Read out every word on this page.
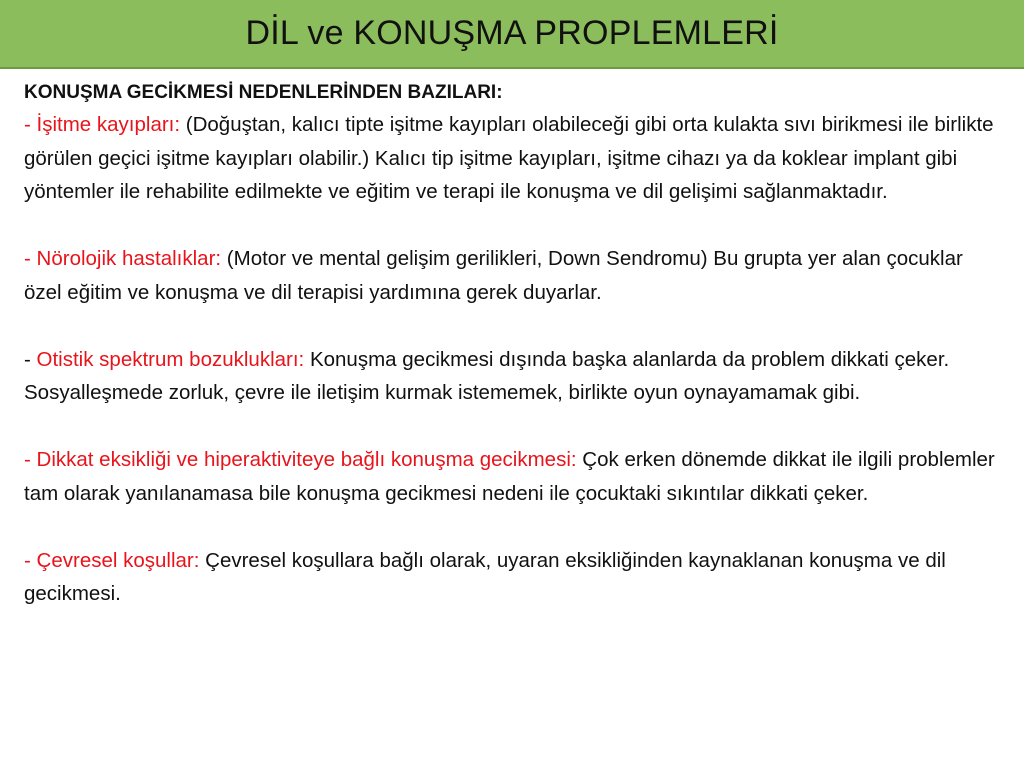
DİL ve KONUŞMA PROPLEMLERİ

KONUŞMA GECİKMESİ NEDENLERİNDEN BAZILARI:

- İşitme kayıpları: (Doğuştan, kalıcı tipte işitme kayıpları olabileceği gibi orta kulakta sıvı birikmesi ile birlikte görülen geçici işitme kayıpları olabilir.) Kalıcı tip işitme kayıpları, işitme cihazı ya da koklear implant gibi yöntemler ile rehabilite edilmekte ve eğitim ve terapi ile konuşma ve dil gelişimi sağlanmaktadır.

- Nörolojik hastalıklar: (Motor ve mental gelişim gerilikleri, Down Sendromu) Bu grupta yer alan çocuklar özel eğitim ve konuşma ve dil terapisi yardımına gerek duyarlar.

- Otistik spektrum bozuklukları: Konuşma gecikmesi dışında başka alanlarda da problem dikkati çeker. Sosyalleşmede zorluk, çevre ile iletişim kurmak istememek, birlikte oyun oynayamamak gibi.

- Dikkat eksikliği ve hiperaktiviteye bağlı konuşma gecikmesi: Çok erken dönemde dikkat ile ilgili problemler tam olarak yanılanamasa bile konuşma gecikmesi nedeni ile çocuktaki sıkıntılar dikkati çeker.

- Çevresel koşullar: Çevresel koşullara bağlı olarak, uyaran eksikliğinden kaynaklanan konuşma ve dil gecikmesi.
